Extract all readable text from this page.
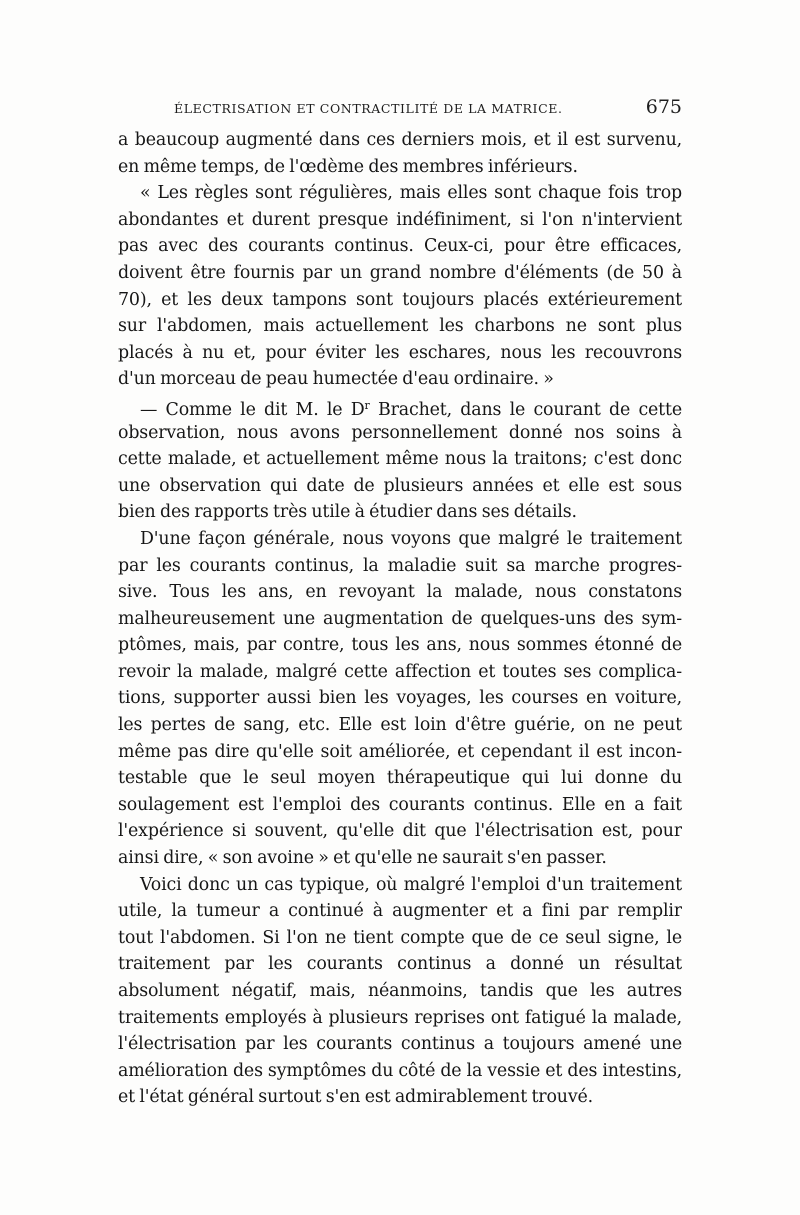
ÉLECTRISATION ET CONTRACTILITÉ DE LA MATRICE.	675
a beaucoup augmenté dans ces derniers mois, et il est survenu,
en même temps, de l'œdème des membres inférieurs.
« Les règles sont régulières, mais elles sont chaque fois trop
abondantes et durent presque indéfiniment, si l'on n'intervient
pas avec des courants continus. Ceux-ci, pour être efficaces,
doivent être fournis par un grand nombre d'éléments (de 50 à
70), et les deux tampons sont toujours placés extérieurement
sur l'abdomen, mais actuellement les charbons ne sont plus
placés à nu et, pour éviter les eschares, nous les recouvrons
d'un morceau de peau humectée d'eau ordinaire. »
— Comme le dit M. le $D^r$ Brachet, dans le courant de cette
observation, nous avons personnellement donné nos soins à
cette malade, et actuellement même nous la traitons; c'est donc
une observation qui date de plusieurs années et elle est sous
bien des rapports très utile à étudier dans ses détails.
D'une façon générale, nous voyons que malgré le traitement
par les courants continus, la maladie suit sa marche progres-
sive. Tous les ans, en revoyant la malade, nous constatons
malheureusement une augmentation de quelques-uns des sym-
ptômes, mais, par contre, tous les ans, nous sommes étonné de
revoir la malade, malgré cette affection et toutes ses complica-
tions, supporter aussi bien les voyages, les courses en voiture,
les pertes de sang, etc. Elle est loin d'être guérie, on ne peut
même pas dire qu'elle soit améliorée, et cependant il est incon-
testable que le seul moyen thérapeutique qui lui donne du
soulagement est l'emploi des courants continus. Elle en a fait
l'expérience si souvent, qu'elle dit que l'électrisation est, pour
ainsi dire, « son avoine » et qu'elle ne saurait s'en passer.
Voici donc un cas typique, où malgré l'emploi d'un traitement
utile, la tumeur a continué à augmenter et a fini par remplir
tout l'abdomen. Si l'on ne tient compte que de ce seul signe, le
traitement par les courants continus a donné un résultat
absolument négatif, mais, néanmoins, tandis que les autres
traitements employés à plusieurs reprises ont fatigué la malade,
l'électrisation par les courants continus a toujours amené une
amélioration des symptômes du côté de la vessie et des intestins,
et l'état général surtout s'en est admirablement trouvé.
